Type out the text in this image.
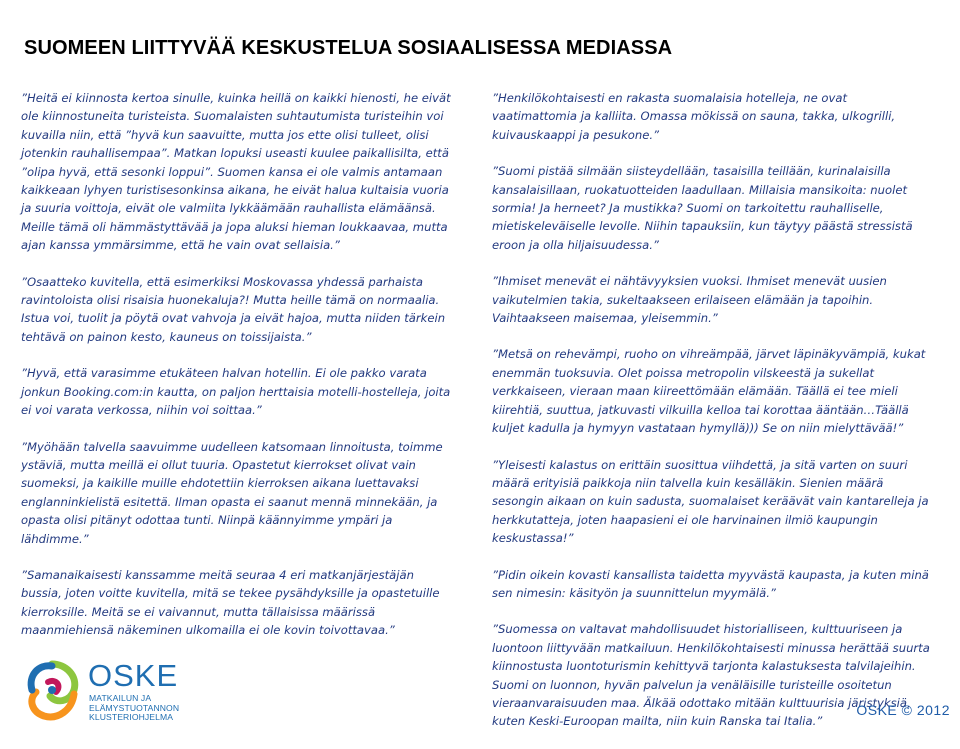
SUOMEEN LIITTYVÄÄ KESKUSTELUA SOSIAALISESSA MEDIASSA

”Heitä ei kiinnosta kertoa sinulle, kuinka heillä on kaikki hienosti, he eivät ole kiinnostuneita turisteista. Suomalaisten suhtautumista turisteihin voi kuvailla niin, että ”hyvä kun saavuitte, mutta jos ette olisi tulleet, olisi jotenkin rauhallisempaa”. Matkan lopuksi useasti kuulee paikallisilta, että ”olipa hyvä, että sesonki loppui”. Suomen kansa ei ole valmis antamaan kaikkeaan lyhyen turistisesonkinsa aikana, he eivät halua kultaisia vuoria ja suuria voittoja, eivät ole valmiita lykkäämään rauhallista elämäänsä. Meille tämä oli hämmästyttävää ja jopa aluksi hieman loukkaavaa, mutta ajan kanssa ymmärsimme, että he vain ovat sellaisia.”

”Osaatteko kuvitella, että esimerkiksi Moskovassa yhdessä parhaista ravintoloista olisi risaisia huonekaluja?! Mutta heille tämä on normaalia. Istua voi, tuolit ja pöytä ovat vahvoja ja eivät hajoa, mutta niiden tärkein tehtävä on painon kesto, kauneus on toissijaista.”

”Hyvä, että varasimme etukäteen halvan hotellin. Ei ole pakko varata jonkun Booking.com:in kautta, on paljon herttaisia motelli-hostelleja, joita ei voi varata verkossa, niihin voi soittaa.”

”Myöhään talvella saavuimme uudelleen katsomaan linnoitusta, toimme ystäviä, mutta meillä ei ollut tuuria. Opastetut kierrokset olivat vain suomeksi, ja kaikille muille ehdotettiin kierroksen aikana luettavaksi englanninkielistä esitettä. Ilman opasta ei saanut mennä minnekään, ja opasta olisi pitänyt odottaa tunti. Niinpä käännyimme ympäri ja lähdimme.”

”Samanaikaisesti kanssamme meitä seuraa 4 eri matkanjärjestäjän bussia, joten voitte kuvitella, mitä se tekee pysähdyksille ja opastetuille kierroksille. Meitä se ei vaivannut, mutta tällaisissa määrissä maanmiehiensä näkeminen ulkomailla ei ole kovin toivottavaa.”

”Henkilökohtaisesti en rakasta suomalaisia hotelleja, ne ovat vaatimattomia ja kalliita. Omassa mökissä on sauna, takka, ulkogrilli, kuivauskaappi ja pesukone.”

”Suomi pistää silmään siisteydellään, tasaisilla teillään, kurinalaisilla kansalaisillaan, ruokatuotteiden laadullaan. Millaisia mansikoita: nuolet sormia! Ja herneet? Ja mustikka? Suomi on tarkoitettu rauhalliselle, mietiskeleväiselle levolle. Niihin tapauksiin, kun täytyy päästä stressistä eroon ja olla hiljaisuudessa.”

”Ihmiset menevät ei nähtävyyksien vuoksi. Ihmiset menevät uusien vaikutelmien takia, sukeltaakseen erilaiseen elämään ja tapoihin. Vaihtaakseen maisemaa, yleisemmin.”

”Metsä on rehevämpi, ruoho on vihreämpää, järvet läpinäkyvämpiä, kukat enemmän tuoksuvia. Olet poissa metropolin vilskeestä ja sukellat verkkaiseen, vieraan maan kiireettömään elämään. Täällä ei tee mieli kiirehtiä, suuttua, jatkuvasti vilkuilla kelloa tai korottaa ääntään…Täällä kuljet kadulla ja hymyyn vastataan hymyllä))) Se on niin mielyttävää!”

”Yleisesti kalastus on erittäin suosittua viihdettä, ja sitä varten on suuri määrä erityisiä paikkoja niin talvella kuin kesälläkin. Sienien määrä sesongin aikaan on kuin sadusta, suomalaiset keräävät vain kantarelleja ja herkkutatteja, joten haapasieni ei ole harvinainen ilmiö kaupungin keskustassa!”

”Pidin oikein kovasti kansallista taidetta myyvästä kaupasta, ja kuten minä sen nimesin: käsityön ja suunnittelun myymälä.”

”Suomessa on valtavat mahdollisuudet historialliseen, kulttuuriseen ja luontoon liittyvään matkailuun. Henkilökohtaisesti minussa herättää suurta kiinnostusta luontoturismin kehittyvä tarjonta kalastuksesta talvilajeihin. Suomi on luonnon, hyvän palvelun ja venäläisille turisteille osoitetun vieraanvaraisuuden maa. Älkää odottako mitään kulttuurisia järistyksiä, kuten Keski-Euroopan mailta, niin kuin Ranska tai Italia.”

OSKE
MATKAILUN JA
ELÄMYSTUOTANNON
KLUSTERIOHJELMA	OSKE © 2012
